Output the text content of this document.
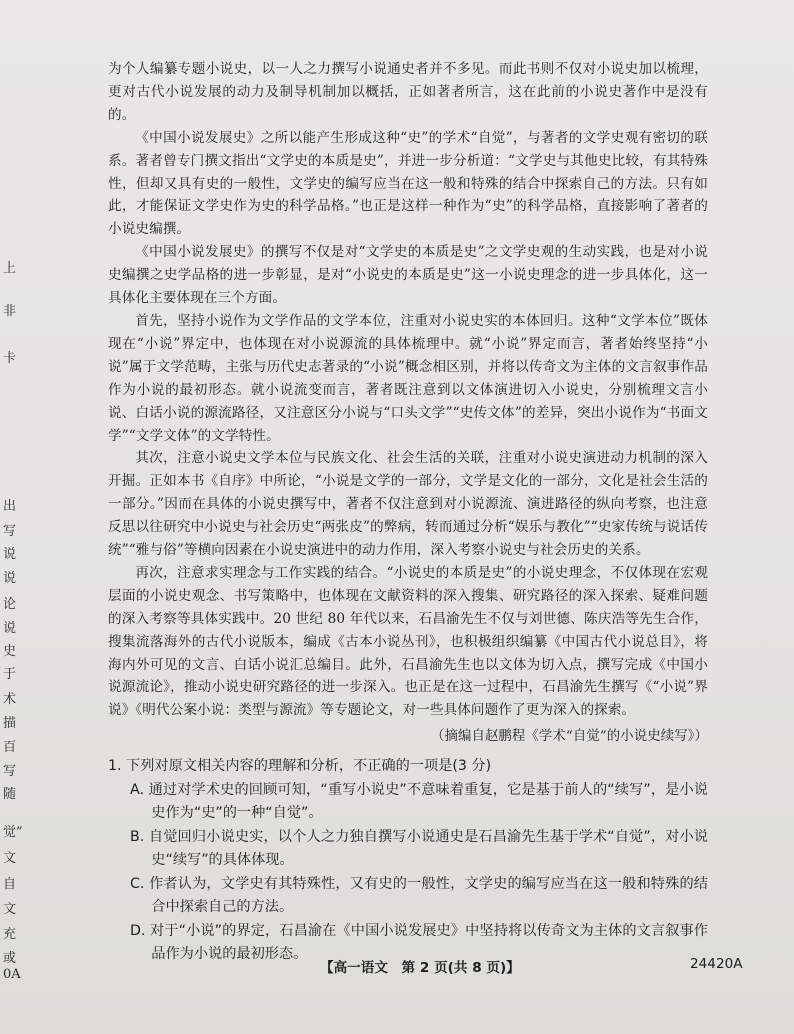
上
非
卡
出
写
说
说
论
说
史
于
术
描
百
写
随
觉”
文
自
文
充
或
0A

为个人编纂专题小说史，以一人之力撰写小说通史者并不多见。而此书则不仅对小说史加以梳理，更对古代小说发展的动力及制导机制加以概括，正如著者所言，这在此前的小说史著作中是没有的。

《中国小说发展史》之所以能产生形成这种“史”的学术“自觉”，与著者的文学史观有密切的联系。著者曾专门撰文指出“文学史的本质是史”，并进一步分析道：“文学史与其他史比较，有其特殊性，但却又具有史的一般性，文学史的编写应当在这一般和特殊的结合中探索自己的方法。只有如此，才能保证文学史作为史的科学品格。”也正是这样一种作为“史”的科学品格，直接影响了著者的小说史编撰。

《中国小说发展史》的撰写不仅是对“文学史的本质是史”之文学史观的生动实践，也是对小说史编撰之史学品格的进一步彰显，是对“小说史的本质是史”这一小说史理念的进一步具体化，这一具体化主要体现在三个方面。

首先，坚持小说作为文学作品的文学本位，注重对小说史实的本体回归。这种“文学本位”既体现在“小说”界定中，也体现在对小说源流的具体梳理中。就“小说”界定而言，著者始终坚持“小说”属于文学范畴，主张与历代史志著录的“小说”概念相区别，并将以传奇文为主体的文言叙事作品作为小说的最初形态。就小说流变而言，著者既注意到以文体演进切入小说史，分别梳理文言小说、白话小说的源流路径，又注意区分小说与“口头文学”“史传文体”的差异，突出小说作为“书面文学”“文学文体”的文学特性。

其次，注意小说史文学本位与民族文化、社会生活的关联，注重对小说史演进动力机制的深入开掘。正如本书《自序》中所论，“小说是文学的一部分，文学是文化的一部分，文化是社会生活的一部分。”因而在具体的小说史撰写中，著者不仅注意到对小说源流、演进路径的纵向考察，也注意反思以往研究中小说史与社会历史“两张皮”的弊病，转而通过分析“娱乐与教化”“史家传统与说话传统”“雅与俗”等横向因素在小说史演进中的动力作用，深入考察小说史与社会历史的关系。

再次，注意求实理念与工作实践的结合。“小说史的本质是史”的小说史理念，不仅体现在宏观层面的小说史观念、书写策略中，也体现在文献资料的深入搜集、研究路径的深入探索、疑难问题的深入考察等具体实践中。20 世纪 80 年代以来，石昌渝先生不仅与刘世德、陈庆浩等先生合作，搜集流落海外的古代小说版本，编成《古本小说丛刊》，也积极组织编纂《中国古代小说总目》，将海内外可见的文言、白话小说汇总编目。此外，石昌渝先生也以文体为切入点，撰写完成《中国小说源流论》，推动小说史研究路径的进一步深入。也正是在这一过程中，石昌渝先生撰写《“小说”界说》《明代公案小说：类型与源流》等专题论文，对一些具体问题作了更为深入的探索。

（摘编自赵鹏程《学术“自觉”的小说史续写》）

1. 下列对原文相关内容的理解和分析，不正确的一项是(3 分)

A. 通过对学术史的回顾可知，“重写小说史”不意味着重复，它是基于前人的“续写”，是小说史作为“史”的一种“自觉”。

B. 自觉回归小说史实，以个人之力独自撰写小说通史是石昌渝先生基于学术“自觉”，对小说史“续写”的具体体现。

C. 作者认为，文学史有其特殊性，又有史的一般性，文学史的编写应当在这一般和特殊的结合中探索自己的方法。

D. 对于“小说”的界定，石昌渝在《中国小说发展史》中坚持将以传奇文为主体的文言叙事作品作为小说的最初形态。

【高一语文　第 2 页(共 8 页)】	24420A
